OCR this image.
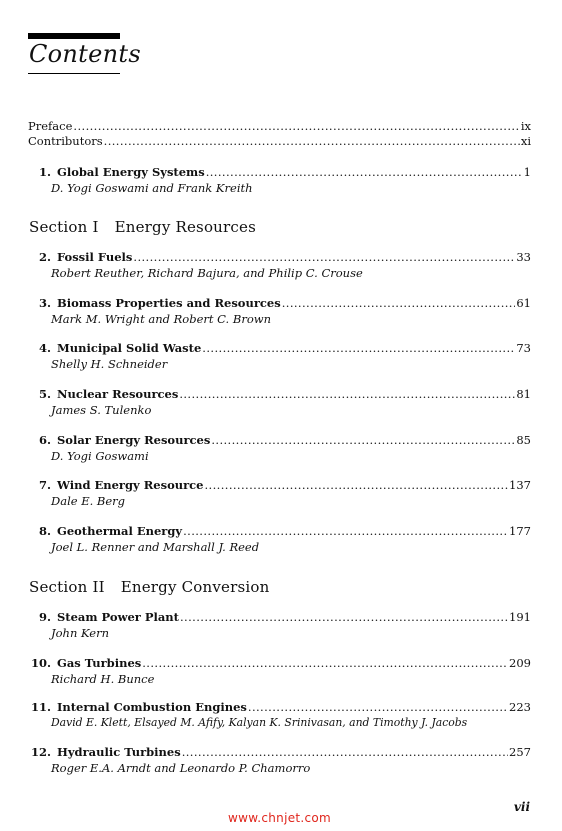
Contents
Preface .....	ix
Contributors .....	xi
1. Global Energy Systems .....	1
D. Yogi Goswami and Frank Kreith
Section I Energy Resources
2. Fossil Fuels .....	33
Robert Reuther, Richard Bajura, and Philip C. Crouse
3. Biomass Properties and Resources .....	61
Mark M. Wright and Robert C. Brown
4. Municipal Solid Waste .....	73
Shelly H. Schneider
5. Nuclear Resources .....	81
James S. Tulenko
6. Solar Energy Resources .....	85
D. Yogi Goswami
7. Wind Energy Resource .....	137
Dale E. Berg
8. Geothermal Energy .....	177
Joel L. Renner and Marshall J. Reed
Section II Energy Conversion
9. Steam Power Plant .....	191
John Kern
10. Gas Turbines .....	209
Richard H. Bunce
11. Internal Combustion Engines .....	223
David E. Klett, Elsayed M. Afify, Kalyan K. Srinivasan, and Timothy J. Jacobs
12. Hydraulic Turbines .....	257
Roger E.A. Arndt and Leonardo P. Chamorro
vii
www.chnjet.com
